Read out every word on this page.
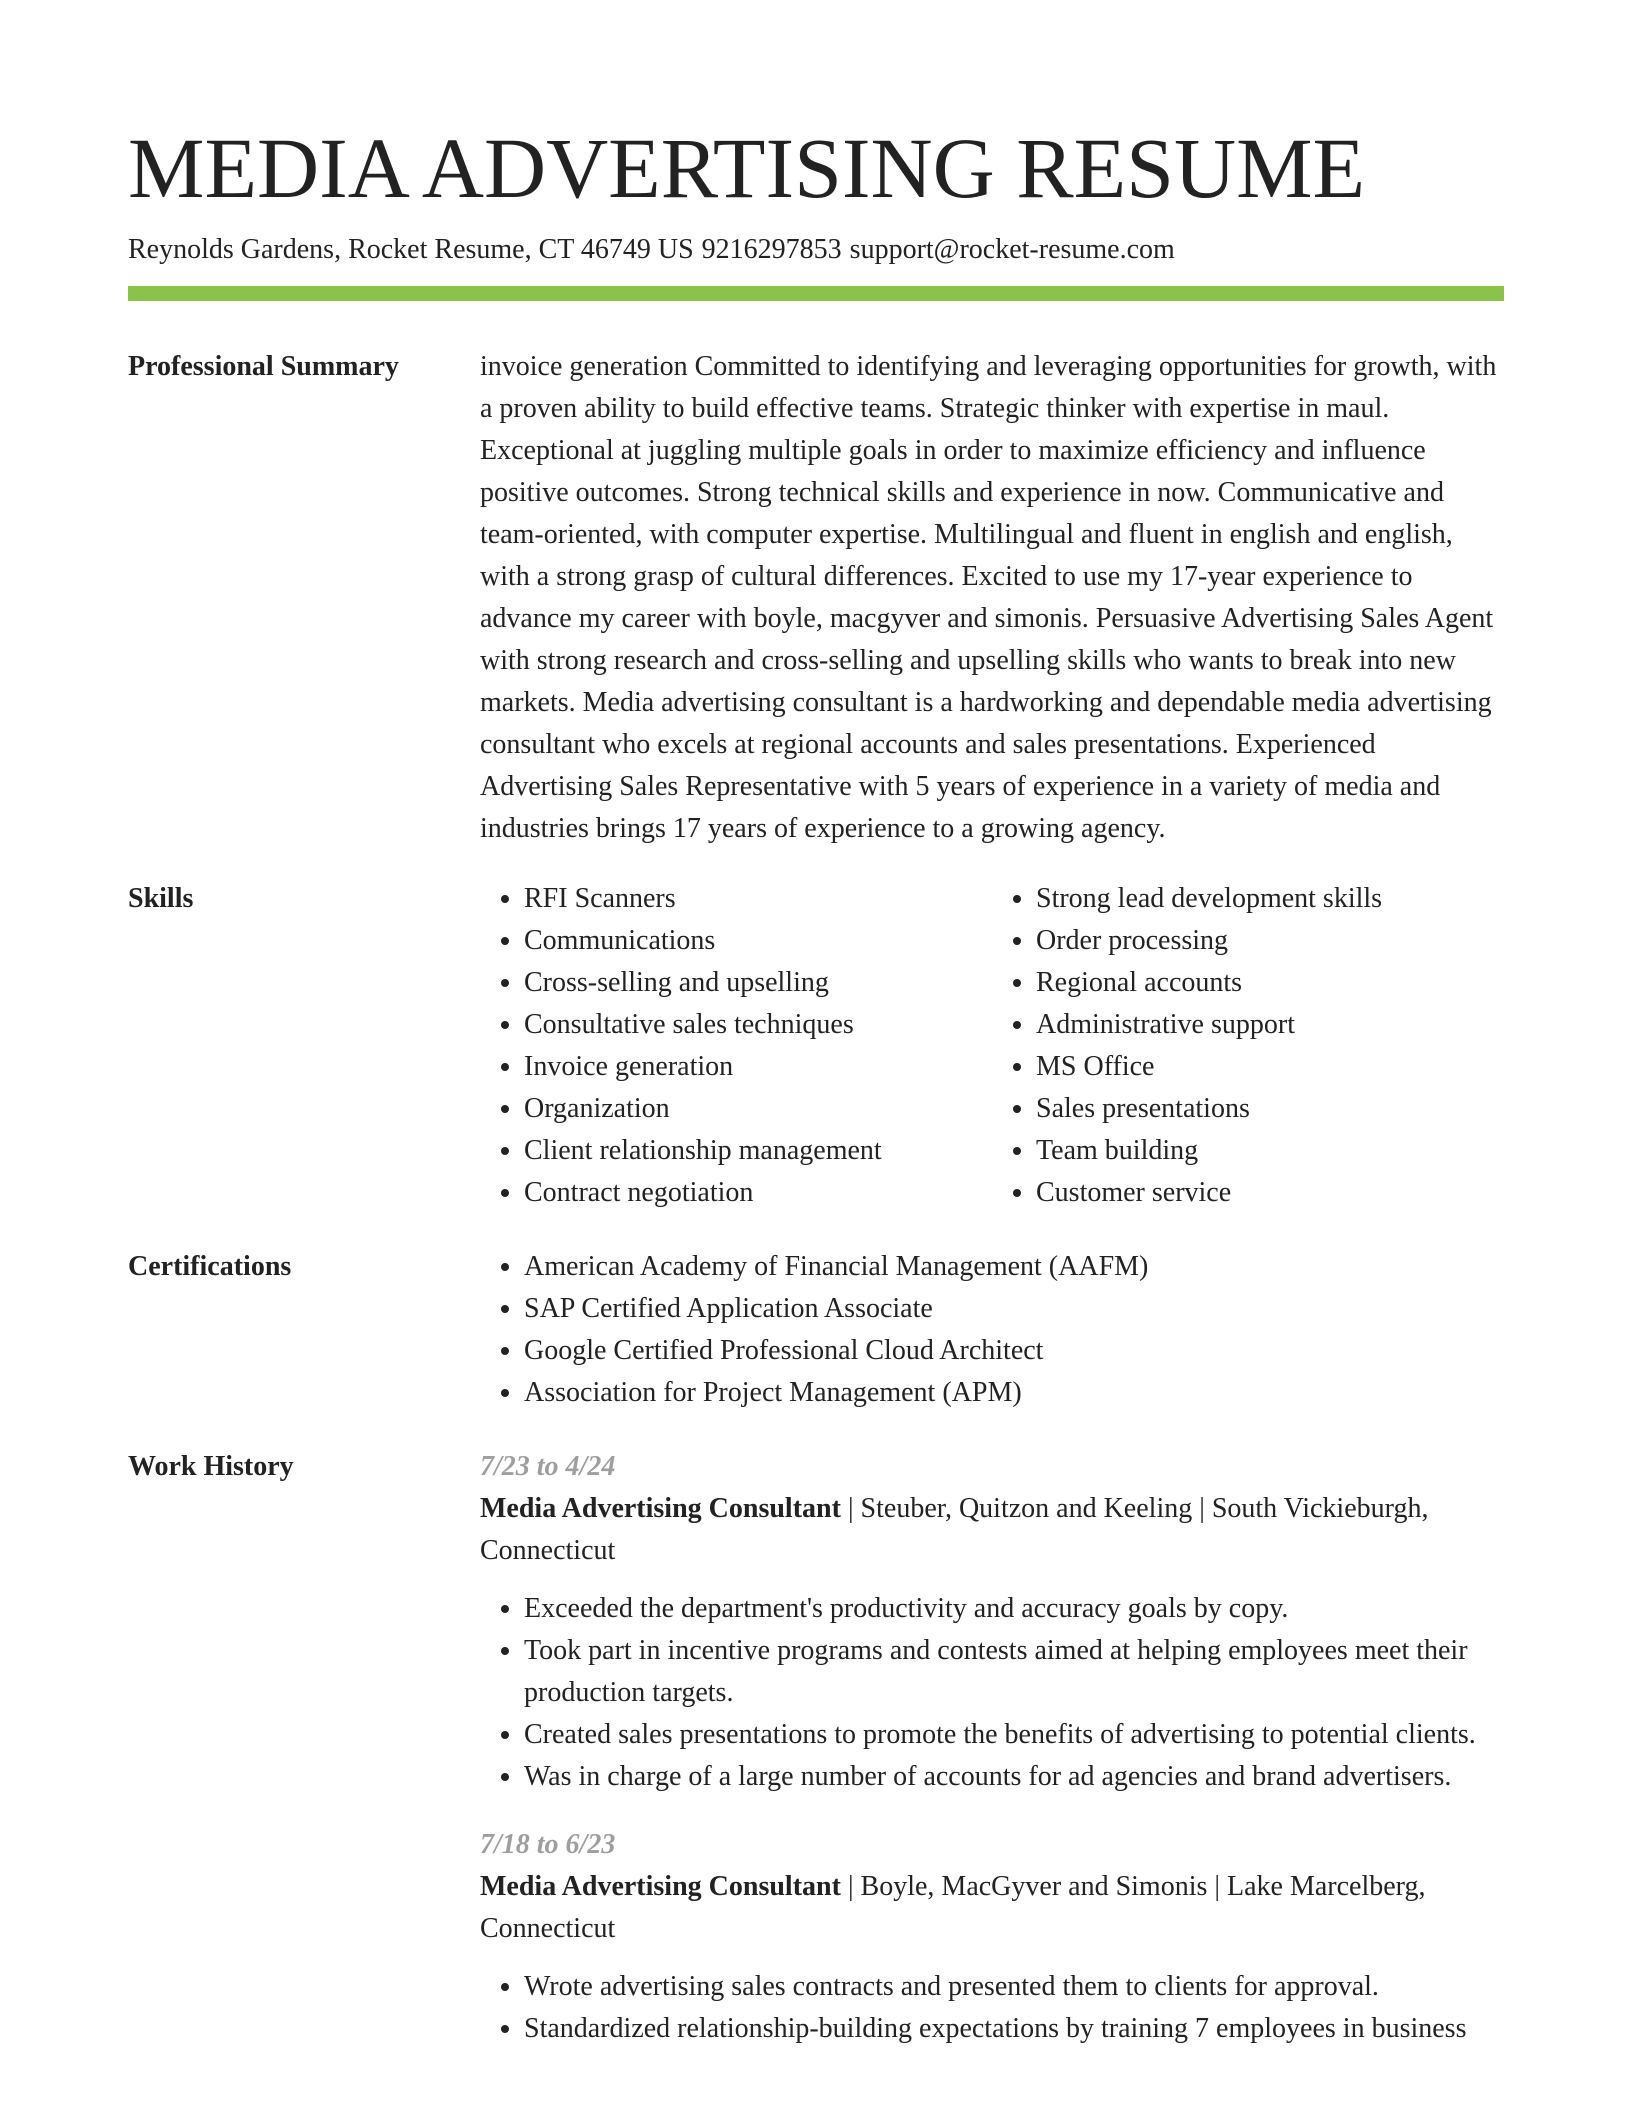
MEDIA ADVERTISING RESUME
Reynolds Gardens, Rocket Resume, CT 46749 US 9216297853 support@rocket-resume.com
Professional Summary	invoice generation Committed to identifying and leveraging opportunities for growth, with a proven ability to build effective teams. Strategic thinker with expertise in maul. Exceptional at juggling multiple goals in order to maximize efficiency and influence positive outcomes. Strong technical skills and experience in now. Communicative and team-oriented, with computer expertise. Multilingual and fluent in english and english, with a strong grasp of cultural differences. Excited to use my 17-year experience to advance my career with boyle, macgyver and simonis. Persuasive Advertising Sales Agent with strong research and cross-selling and upselling skills who wants to break into new markets. Media advertising consultant is a hardworking and dependable media advertising consultant who excels at regional accounts and sales presentations. Experienced Advertising Sales Representative with 5 years of experience in a variety of media and industries brings 17 years of experience to a growing agency.

Skills	• RFI Scanners
• Communications
• Cross-selling and upselling
• Consultative sales techniques
• Invoice generation
• Organization
• Client relationship management
• Contract negotiation
• Strong lead development skills
• Order processing
• Regional accounts
• Administrative support
• MS Office
• Sales presentations
• Team building
• Customer service
Certifications	• American Academy of Financial Management (AAFM)
• SAP Certified Application Associate
• Google Certified Professional Cloud Architect
• Association for Project Management (APM)
Work History	7/23 to 4/24
Media Advertising Consultant | Steuber, Quitzon and Keeling | South Vickieburgh, Connecticut
• Exceeded the department's productivity and accuracy goals by copy.
• Took part in incentive programs and contests aimed at helping employees meet their production targets.
• Created sales presentations to promote the benefits of advertising to potential clients.
• Was in charge of a large number of accounts for ad agencies and brand advertisers.
7/18 to 6/23
Media Advertising Consultant | Boyle, MacGyver and Simonis | Lake Marcelberg, Connecticut
• Wrote advertising sales contracts and presented them to clients for approval.
• Standardized relationship-building expectations by training 7 employees in business
